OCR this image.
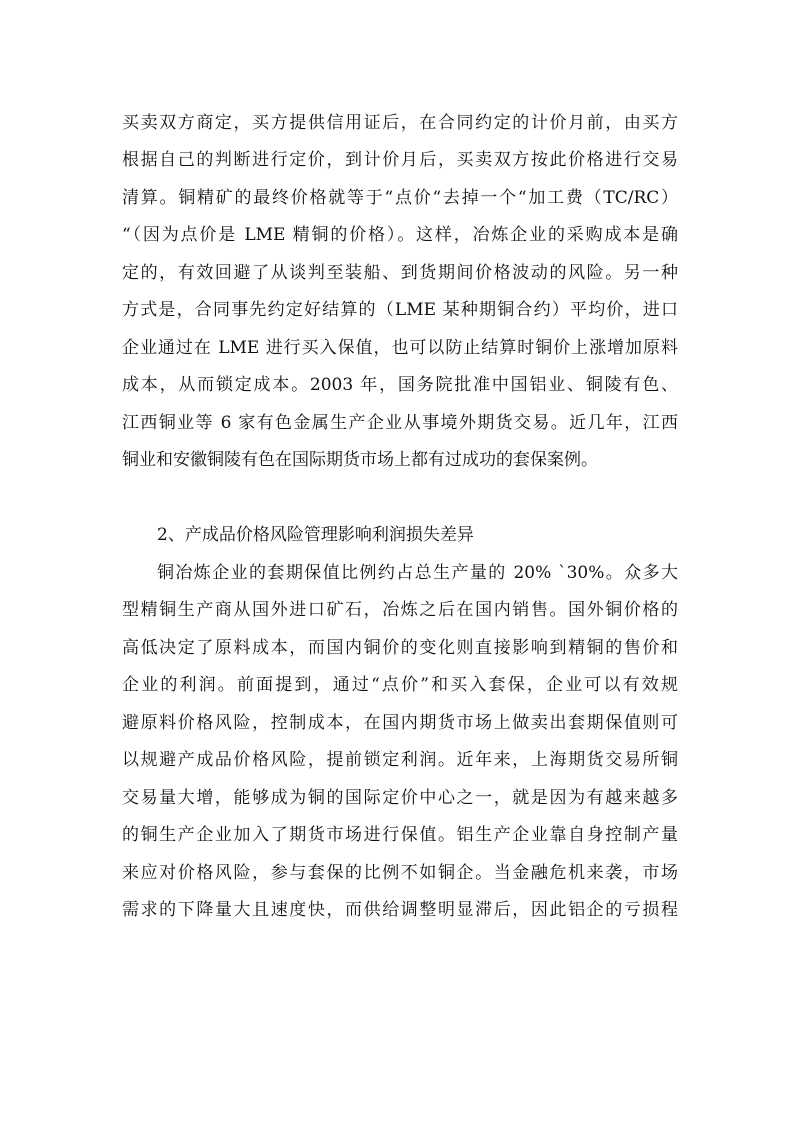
买卖双方商定，买方提供信用证后，在合同约定的计价月前，由买方
根据自己的判断进行定价，到计价月后，买卖双方按此价格进行交易
清算。铜精矿的最终价格就等于“点价“去掉一个“加工费（TC/RC）
“（因为点价是 LME 精铜的价格）。这样，冶炼企业的采购成本是确
定的，有效回避了从谈判至装船、到货期间价格波动的风险。另一种
方式是，合同事先约定好结算的（LME 某种期铜合约）平均价，进口
企业通过在 LME 进行买入保值，也可以防止结算时铜价上涨增加原料
成本，从而锁定成本。2003 年，国务院批准中国铝业、铜陵有色、
江西铜业等 6 家有色金属生产企业从事境外期货交易。近几年，江西
铜业和安徽铜陵有色在国际期货市场上都有过成功的套保案例。
2、产成品价格风险管理影响利润损失差异
铜冶炼企业的套期保值比例约占总生产量的 20% `30%。众多大
型精铜生产商从国外进口矿石，冶炼之后在国内销售。国外铜价格的
高低决定了原料成本，而国内铜价的变化则直接影响到精铜的售价和
企业的利润。前面提到，通过“点价”和买入套保，企业可以有效规
避原料价格风险，控制成本，在国内期货市场上做卖出套期保值则可
以规避产成品价格风险，提前锁定利润。近年来，上海期货交易所铜
交易量大增，能够成为铜的国际定价中心之一，就是因为有越来越多
的铜生产企业加入了期货市场进行保值。铝生产企业靠自身控制产量
来应对价格风险，参与套保的比例不如铜企。当金融危机来袭，市场
需求的下降量大且速度快，而供给调整明显滞后，因此铝企的亏损程
